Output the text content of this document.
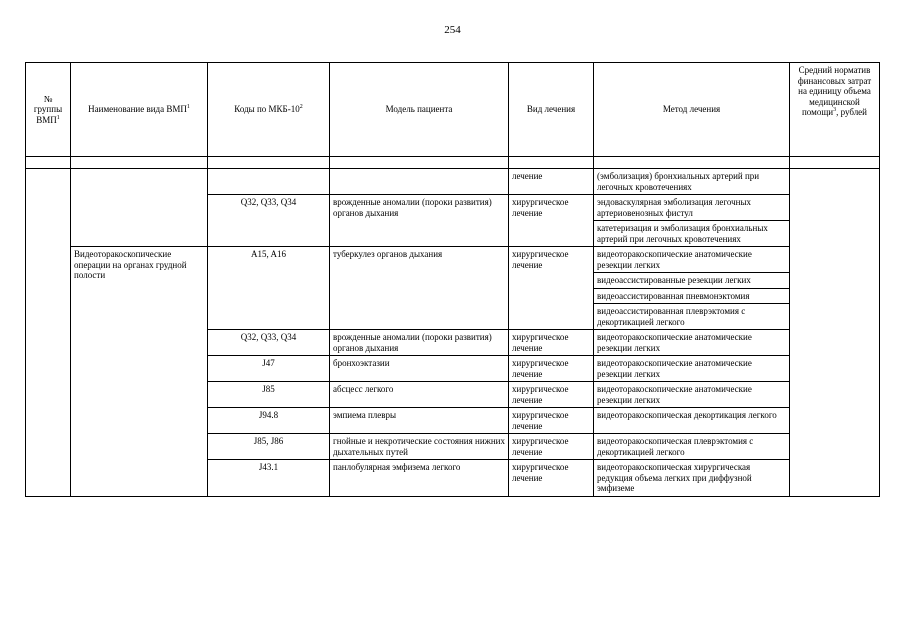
254
№ группы ВМП$^1$	Наименование вида ВМП$^1$	Коды по МКБ-$10^2$	Модель пациента	Вид лечения	Метод лечения	Средний норматив финансовых затрат на единицу объема медицинской помощи$^3$, рублей

				лечение	(эмболизация) бронхиальных артерий при легочных кровотечениях	
		Q32, Q33, Q34	врожденные аномалии (пороки развития) органов дыхания	хирургическое лечение	эндоваскулярная эмболизация легочных артериовенозных фистул	
					катетеризация и эмболизация бронхиальных артерий при легочных кровотечениях	
	Видеоторакоскопические операции на органах грудной полости	A15, A16	туберкулез органов дыхания	хирургическое лечение	видеоторакоскопические анатомические резекции легких	
					видеоассистированные резекции легких	
					видеоассистированная пневмонэктомия	
					видеоассистированная плеврэктомия с декортикацией легкого	
		Q32, Q33, Q34	врожденные аномалии (пороки развития) органов дыхания	хирургическое лечение	видеоторакоскопические анатомические резекции легких	
		J47	бронхоэктазии	хирургическое лечение	видеоторакоскопические анатомические резекции легких	
		J85	абсцесс легкого	хирургическое лечение	видеоторакоскопические анатомические резекции легких	
		J94.8	эмпиема плевры	хирургическое лечение	видеоторакоскопическая декортикация легкого	
		J85, J86	гнойные и некротические состояния нижних дыхательных путей	хирургическое лечение	видеоторакоскопическая плеврэктомия с декортикацией легкого	
		J43.1	панлобулярная эмфизема легкого	хирургическое лечение	видеоторакоскопическая хирургическая редукция объема легких при диффузной эмфиземе	
